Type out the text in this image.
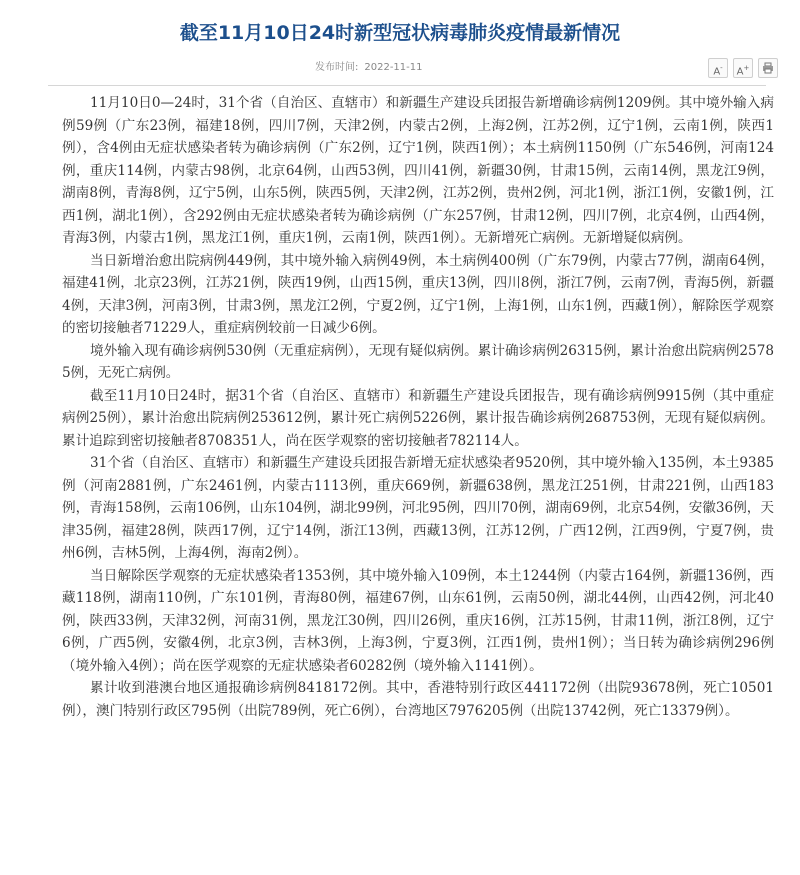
截至11月10日24时新型冠状病毒肺炎疫情最新情况
发布时间: 2022-11-11	A-	A+

11月10日0—24时，31个省（自治区、直辖市）和新疆生产建设兵团报告新增确诊病例1209例。其中境外输入病例59例（广东23例，福建18例，四川7例，天津2例，内蒙古2例，上海2例，江苏2例，辽宁1例，云南1例，陕西1例），含4例由无症状感染者转为确诊病例（广东2例，辽宁1例，陕西1例）；本土病例1150例（广东546例，河南124例，重庆114例，内蒙古98例，北京64例，山西53例，四川41例，新疆30例，甘肃15例，云南14例，黑龙江9例，湖南8例，青海8例，辽宁5例，山东5例，陕西5例，天津2例，江苏2例，贵州2例，河北1例，浙江1例，安徽1例，江西1例，湖北1例），含292例由无症状感染者转为确诊病例（广东257例，甘肃12例，四川7例，北京4例，山西4例，青海3例，内蒙古1例，黑龙江1例，重庆1例，云南1例，陕西1例）。无新增死亡病例。无新增疑似病例。

当日新增治愈出院病例449例，其中境外输入病例49例，本土病例400例（广东79例，内蒙古77例，湖南64例，福建41例，北京23例，江苏21例，陕西19例，山西15例，重庆13例，四川8例，浙江7例，云南7例，青海5例，新疆4例，天津3例，河南3例，甘肃3例，黑龙江2例，宁夏2例，辽宁1例，上海1例，山东1例，西藏1例），解除医学观察的密切接触者71229人，重症病例较前一日减少6例。

境外输入现有确诊病例530例（无重症病例），无现有疑似病例。累计确诊病例26315例，累计治愈出院病例25785例，无死亡病例。

截至11月10日24时，据31个省（自治区、直辖市）和新疆生产建设兵团报告，现有确诊病例9915例（其中重症病例25例），累计治愈出院病例253612例，累计死亡病例5226例，累计报告确诊病例268753例，无现有疑似病例。累计追踪到密切接触者8708351人，尚在医学观察的密切接触者782114人。

31个省（自治区、直辖市）和新疆生产建设兵团报告新增无症状感染者9520例，其中境外输入135例，本土9385例（河南2881例，广东2461例，内蒙古1113例，重庆669例，新疆638例，黑龙江251例，甘肃221例，山西183例，青海158例，云南106例，山东104例，湖北99例，河北95例，四川70例，湖南69例，北京54例，安徽36例，天津35例，福建28例，陕西17例，辽宁14例，浙江13例，西藏13例，江苏12例，广西12例，江西9例，宁夏7例，贵州6例，吉林5例，上海4例，海南2例）。

当日解除医学观察的无症状感染者1353例，其中境外输入109例，本土1244例（内蒙古164例，新疆136例，西藏118例，湖南110例，广东101例，青海80例，福建67例，山东61例，云南50例，湖北44例，山西42例，河北40例，陕西33例，天津32例，河南31例，黑龙江30例，四川26例，重庆16例，江苏15例，甘肃11例，浙江8例，辽宁6例，广西5例，安徽4例，北京3例，吉林3例，上海3例，宁夏3例，江西1例，贵州1例）；当日转为确诊病例296例（境外输入4例）；尚在医学观察的无症状感染者60282例（境外输入1141例）。

累计收到港澳台地区通报确诊病例8418172例。其中，香港特别行政区441172例（出院93678例，死亡10501例），澳门特别行政区795例（出院789例，死亡6例），台湾地区7976205例（出院13742例，死亡13379例）。
